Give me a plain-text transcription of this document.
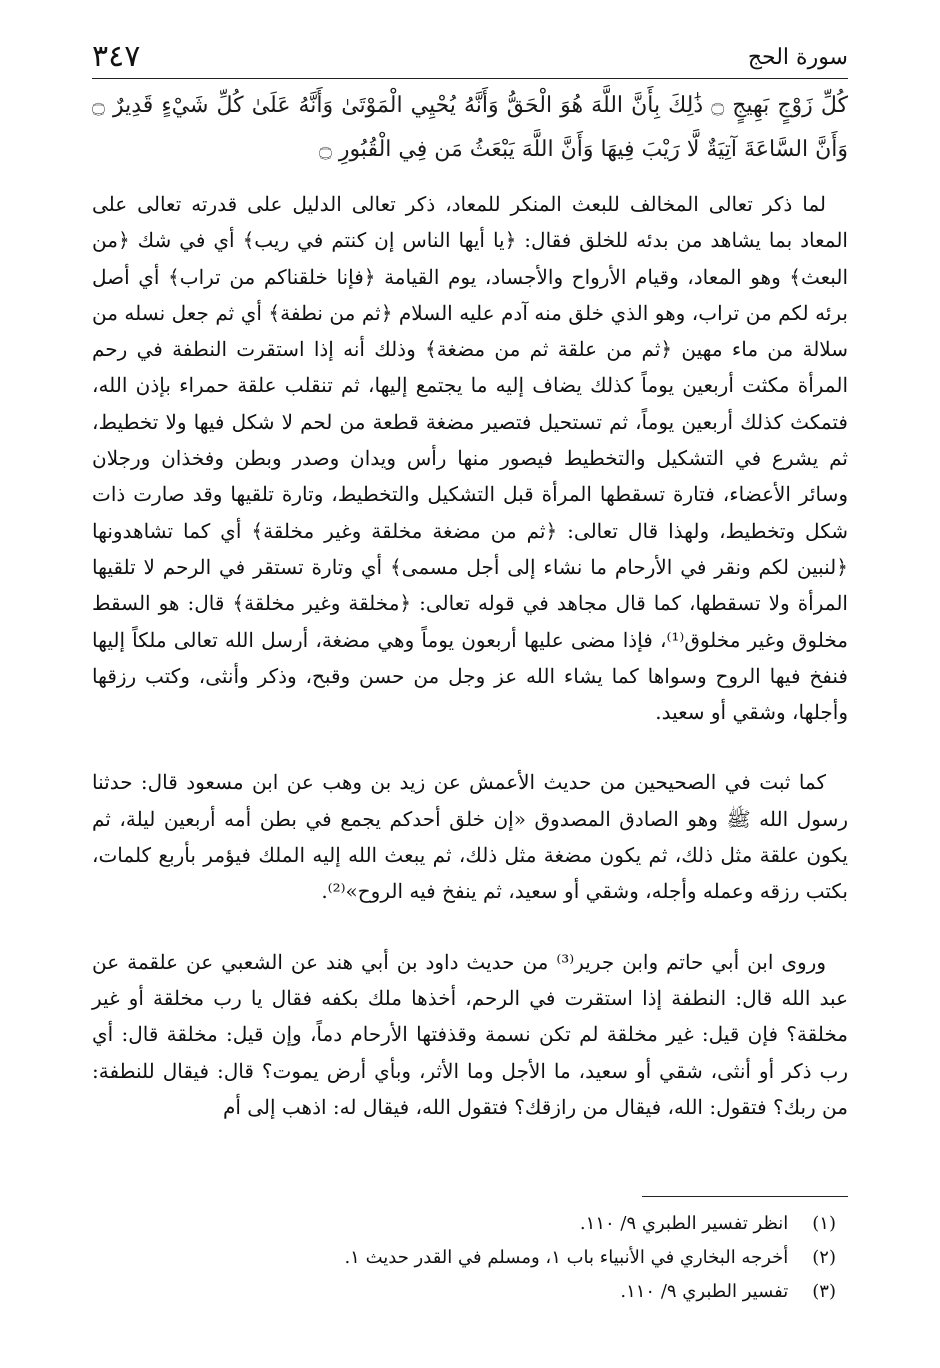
٣٤٧	سورة الحج
كُلِّ زَوْجٍ بَهِيجٍ ۝ ذَٰلِكَ بِأَنَّ اللَّهَ هُوَ الْحَقُّ وَأَنَّهُ يُحْيِي الْمَوْتَىٰ وَأَنَّهُ عَلَىٰ كُلِّ شَيْءٍ قَدِيرٌ ۝ وَأَنَّ السَّاعَةَ آتِيَةٌ لَّا رَيْبَ فِيهَا وَأَنَّ اللَّهَ يَبْعَثُ مَن فِي الْقُبُورِ ۝

لما ذكر تعالى المخالف للبعث المنكر للمعاد، ذكر تعالى الدليل على قدرته تعالى على المعاد بما يشاهد من بدئه للخلق فقال: ﴿يا أيها الناس إن كنتم في ريب﴾ أي في شك ﴿من البعث﴾ وهو المعاد، وقيام الأرواح والأجساد، يوم القيامة ﴿فإنا خلقناكم من تراب﴾ أي أصل برئه لكم من تراب، وهو الذي خلق منه آدم عليه السلام ﴿ثم من نطفة﴾ أي ثم جعل نسله من سلالة من ماء مهين ﴿ثم من علقة ثم من مضغة﴾ وذلك أنه إذا استقرت النطفة في رحم المرأة مكثت أربعين يوماً كذلك يضاف إليه ما يجتمع إليها، ثم تنقلب علقة حمراء بإذن الله، فتمكث كذلك أربعين يوماً، ثم تستحيل فتصير مضغة قطعة من لحم لا شكل فيها ولا تخطيط، ثم يشرع في التشكيل والتخطيط فيصور منها رأس ويدان وصدر وبطن وفخذان ورجلان وسائر الأعضاء، فتارة تسقطها المرأة قبل التشكيل والتخطيط، وتارة تلقيها وقد صارت ذات شكل وتخطيط، ولهذا قال تعالى: ﴿ثم من مضغة مخلقة وغير مخلقة﴾ أي كما تشاهدونها ﴿لنبين لكم ونقر في الأرحام ما نشاء إلى أجل مسمى﴾ أي وتارة تستقر في الرحم لا تلقيها المرأة ولا تسقطها، كما قال مجاهد في قوله تعالى: ﴿مخلقة وغير مخلقة﴾ قال: هو السقط مخلوق وغير مخلوق⁽¹⁾، فإذا مضى عليها أربعون يوماً وهي مضغة، أرسل الله تعالى ملكاً إليها فنفخ فيها الروح وسواها كما يشاء الله عز وجل من حسن وقبح، وذكر وأنثى، وكتب رزقها وأجلها، وشقي أو سعيد.

كما ثبت في الصحيحين من حديث الأعمش عن زيد بن وهب عن ابن مسعود قال: حدثنا رسول الله ﷺ وهو الصادق المصدوق «إن خلق أحدكم يجمع في بطن أمه أربعين ليلة، ثم يكون علقة مثل ذلك، ثم يكون مضغة مثل ذلك، ثم يبعث الله إليه الملك فيؤمر بأربع كلمات، بكتب رزقه وعمله وأجله، وشقي أو سعيد، ثم ينفخ فيه الروح»⁽²⁾.

وروى ابن أبي حاتم وابن جرير⁽³⁾ من حديث داود بن أبي هند عن الشعبي عن علقمة عن عبد الله قال: النطفة إذا استقرت في الرحم، أخذها ملك بكفه فقال يا رب مخلقة أو غير مخلقة؟ فإن قيل: غير مخلقة لم تكن نسمة وقذفتها الأرحام دماً، وإن قيل: مخلقة قال: أي رب ذكر أو أنثى، شقي أو سعيد، ما الأجل وما الأثر، وبأي أرض يموت؟ قال: فيقال للنطفة: من ربك؟ فتقول: الله، فيقال من رازقك؟ فتقول الله، فيقال له: اذهب إلى أم

(١) انظر تفسير الطبري ٩/ ١١٠.
(٢) أخرجه البخاري في الأنبياء باب ١، ومسلم في القدر حديث ١.
(٣) تفسير الطبري ٩/ ١١٠.
